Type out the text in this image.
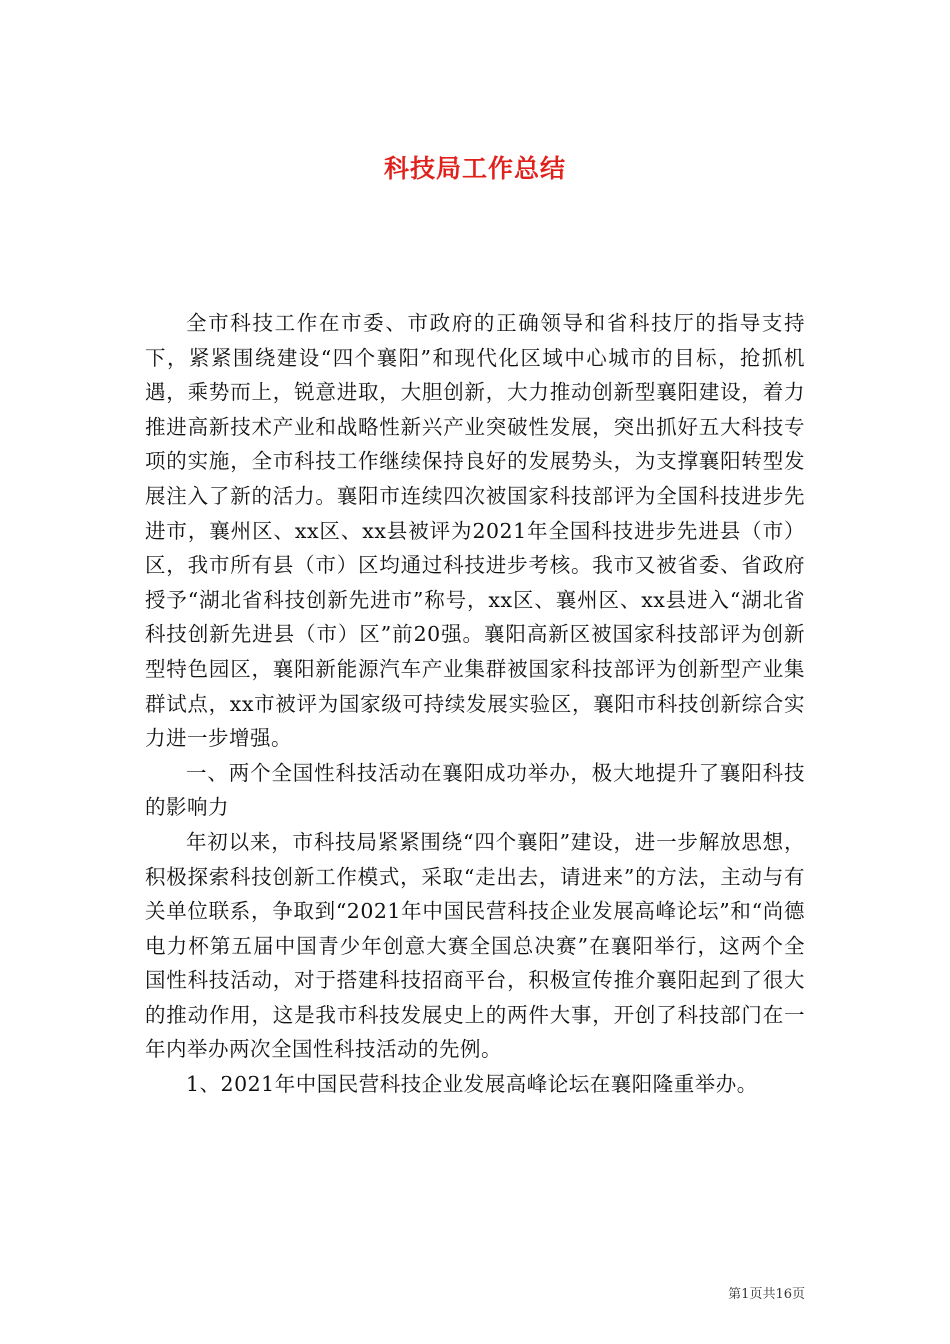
科技局工作总结

全市科技工作在市委、市政府的正确领导和省科技厅的指导支持下，紧紧围绕建设“四个襄阳”和现代化区域中心城市的目标，抢抓机遇，乘势而上，锐意进取，大胆创新，大力推动创新型襄阳建设，着力推进高新技术产业和战略性新兴产业突破性发展，突出抓好五大科技专项的实施，全市科技工作继续保持良好的发展势头，为支撑襄阳转型发展注入了新的活力。襄阳市连续四次被国家科技部评为全国科技进步先进市，襄州区、xx区、xx县被评为2021年全国科技进步先进县（市）区，我市所有县（市）区均通过科技进步考核。我市又被省委、省政府授予“湖北省科技创新先进市”称号，xx区、襄州区、xx县进入“湖北省科技创新先进县（市）区”前20强。襄阳高新区被国家科技部评为创新型特色园区，襄阳新能源汽车产业集群被国家科技部评为创新型产业集群试点，xx市被评为国家级可持续发展实验区，襄阳市科技创新综合实力进一步增强。

一、两个全国性科技活动在襄阳成功举办，极大地提升了襄阳科技的影响力

年初以来，市科技局紧紧围绕“四个襄阳”建设，进一步解放思想，积极探索科技创新工作模式，采取“走出去，请进来”的方法，主动与有关单位联系，争取到“2021年中国民营科技企业发展高峰论坛”和“尚德电力杯第五届中国青少年创意大赛全国总决赛”在襄阳举行，这两个全国性科技活动，对于搭建科技招商平台，积极宣传推介襄阳起到了很大的推动作用，这是我市科技发展史上的两件大事，开创了科技部门在一年内举办两次全国性科技活动的先例。

1、2021年中国民营科技企业发展高峰论坛在襄阳隆重举办。

第1页共16页
